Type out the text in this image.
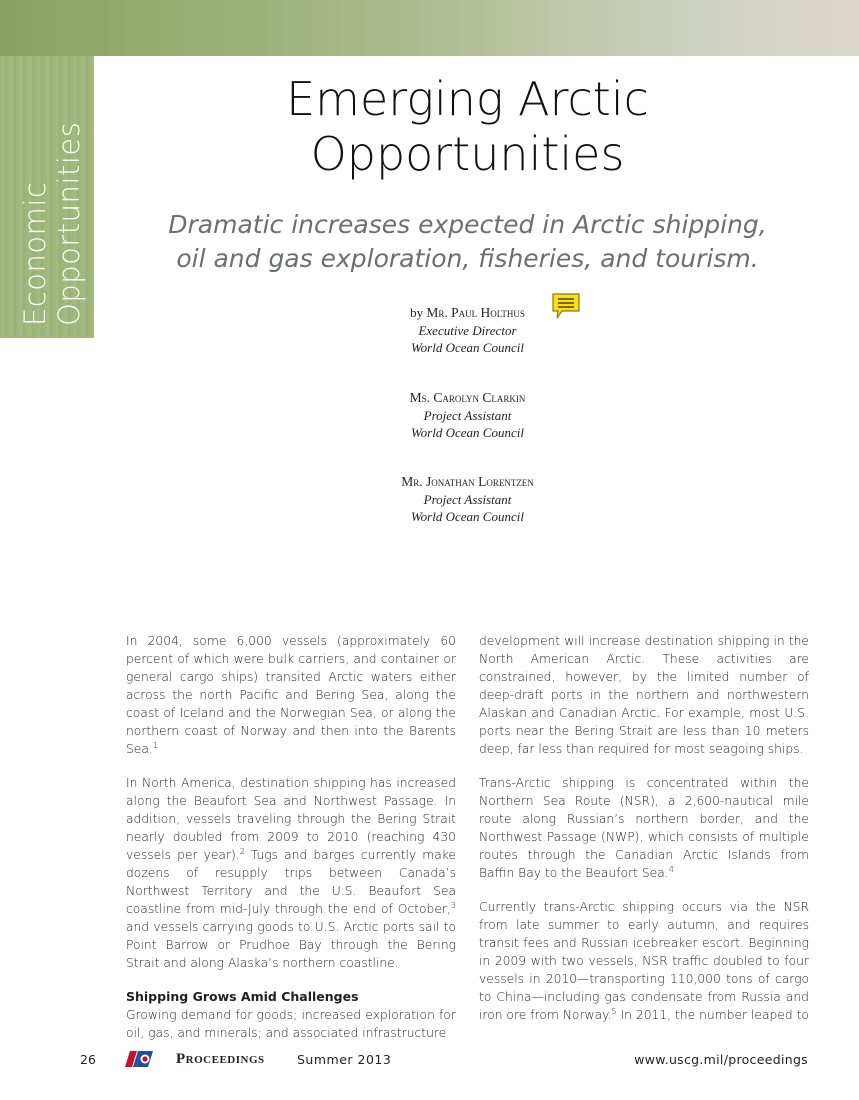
Economic Opportunities
Emerging Arctic
Opportunities
Dramatic increases expected in Arctic shipping,
oil and gas exploration, fisheries, and tourism.
by Mr. Paul Holthus
Executive Director
World Ocean Council
Ms. Carolyn Clarkin
Project Assistant
World Ocean Council
Mr. Jonathan Lorentzen
Project Assistant
World Ocean Council

In 2004, some 6,000 vessels (approximately 60 percent of which were bulk carriers, and container or general cargo ships) transited Arctic waters either across the north Pacific and Bering Sea, along the coast of Iceland and the Norwegian Sea, or along the northern coast of Norway and then into the Barents Sea.$^1$

In North America, destination shipping has increased along the Beaufort Sea and Northwest Passage. In addition, vessels traveling through the Bering Strait nearly doubled from 2009 to 2010 (reaching 430 vessels per year).$^2$ Tugs and barges currently make dozens of resupply trips between Canada’s Northwest Territory and the U.S. Beaufort Sea coastline from mid-July through the end of October,$^3$ and vessels carrying goods to U.S. Arctic ports sail to Point Barrow or Prudhoe Bay through the Bering Strait and along Alaska’s northern coastline.

Shipping Grows Amid Challenges

Growing demand for goods; increased exploration for oil, gas, and minerals; and associated infrastructure

development will increase destination shipping in the North American Arctic. These activities are constrained, however, by the limited number of deep-draft ports in the northern and northwestern Alaskan and Canadian Arctic. For example, most U.S. ports near the Bering Strait are less than 10 meters deep, far less than required for most seagoing ships.

Trans-Arctic shipping is concentrated within the Northern Sea Route (NSR), a 2,600-nautical mile route along Russian’s northern border, and the Northwest Passage (NWP), which consists of multiple routes through the Canadian Arctic Islands from Baffin Bay to the Beaufort Sea.$^4$

Currently trans-Arctic shipping occurs via the NSR from late summer to early autumn, and requires transit fees and Russian icebreaker escort. Beginning in 2009 with two vessels, NSR traffic doubled to four vessels in 2010—transporting 110,000 tons of cargo to China—including gas condensate from Russia and iron ore from Norway.$^5$ In 2011, the number leaped to

26	Proceedings	Summer 2013	www.uscg.mil/proceedings
